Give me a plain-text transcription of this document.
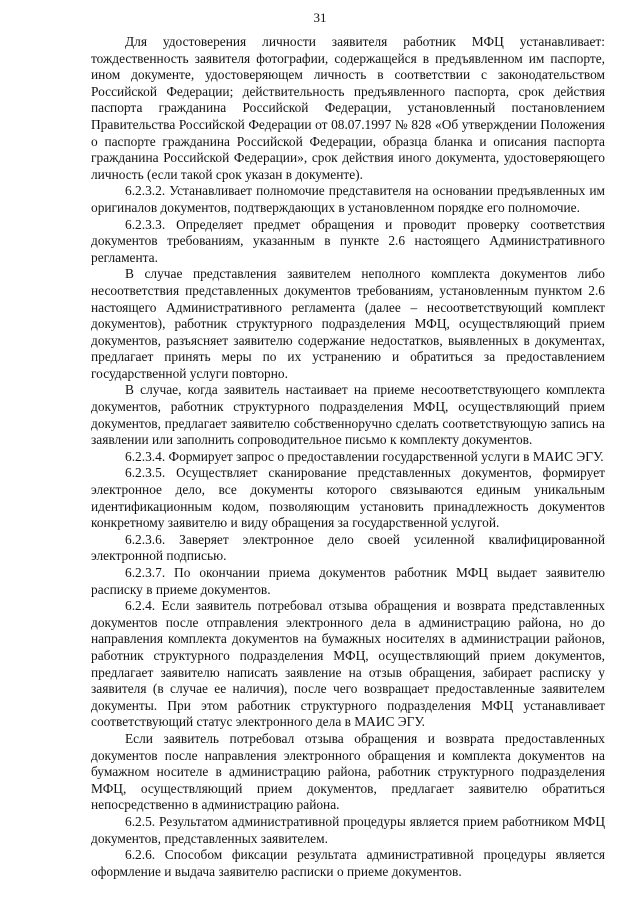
31

Для удостоверения личности заявителя работник МФЦ устанавливает: тождественность заявителя фотографии, содержащейся в предъявленном им паспорте, ином документе, удостоверяющем личность в соответствии с законодательством Российской Федерации; действительность предъявленного паспорта, срок действия паспорта гражданина Российской Федерации, установленный постановлением Правительства Российской Федерации от 08.07.1997 № 828 «Об утверждении Положения о паспорте гражданина Российской Федерации, образца бланка и описания паспорта гражданина Российской Федерации», срок действия иного документа, удостоверяющего личность (если такой срок указан в документе).

6.2.3.2. Устанавливает полномочие представителя на основании предъявленных им оригиналов документов, подтверждающих в установленном порядке его полномочие.

6.2.3.3. Определяет предмет обращения и проводит проверку соответствия документов требованиям, указанным в пункте 2.6 настоящего Административного регламента.

В случае представления заявителем неполного комплекта документов либо несоответствия представленных документов требованиям, установленным пунктом 2.6 настоящего Административного регламента (далее – несоответствующий комплект документов), работник структурного подразделения МФЦ, осуществляющий прием документов, разъясняет заявителю содержание недостатков, выявленных в документах, предлагает принять меры по их устранению и обратиться за предоставлением государственной услуги повторно.

В случае, когда заявитель настаивает на приеме несоответствующего комплекта документов, работник структурного подразделения МФЦ, осуществляющий прием документов, предлагает заявителю собственноручно сделать соответствующую запись на заявлении или заполнить сопроводительное письмо к комплекту документов.

6.2.3.4. Формирует запрос о предоставлении государственной услуги в МАИС ЭГУ.

6.2.3.5. Осуществляет сканирование представленных документов, формирует электронное дело, все документы которого связываются единым уникальным идентификационным кодом, позволяющим установить принадлежность документов конкретному заявителю и виду обращения за государственной услугой.

6.2.3.6. Заверяет электронное дело своей усиленной квалифицированной электронной подписью.

6.2.3.7. По окончании приема документов работник МФЦ выдает заявителю расписку в приеме документов.

6.2.4. Если заявитель потребовал отзыва обращения и возврата представленных документов после отправления электронного дела в администрацию района, но до направления комплекта документов на бумажных носителях в администрации районов, работник структурного подразделения МФЦ, осуществляющий прием документов, предлагает заявителю написать заявление на отзыв обращения, забирает расписку у заявителя (в случае ее наличия), после чего возвращает предоставленные заявителем документы. При этом работник структурного подразделения МФЦ устанавливает соответствующий статус электронного дела в МАИС ЭГУ.

Если заявитель потребовал отзыва обращения и возврата предоставленных документов после направления электронного обращения и комплекта документов на бумажном носителе в администрацию района, работник структурного подразделения МФЦ, осуществляющий прием документов, предлагает заявителю обратиться непосредственно в администрацию района.

6.2.5. Результатом административной процедуры является прием работником МФЦ документов, представленных заявителем.

6.2.6. Способом фиксации результата административной процедуры является оформление и выдача заявителю расписки о приеме документов.
